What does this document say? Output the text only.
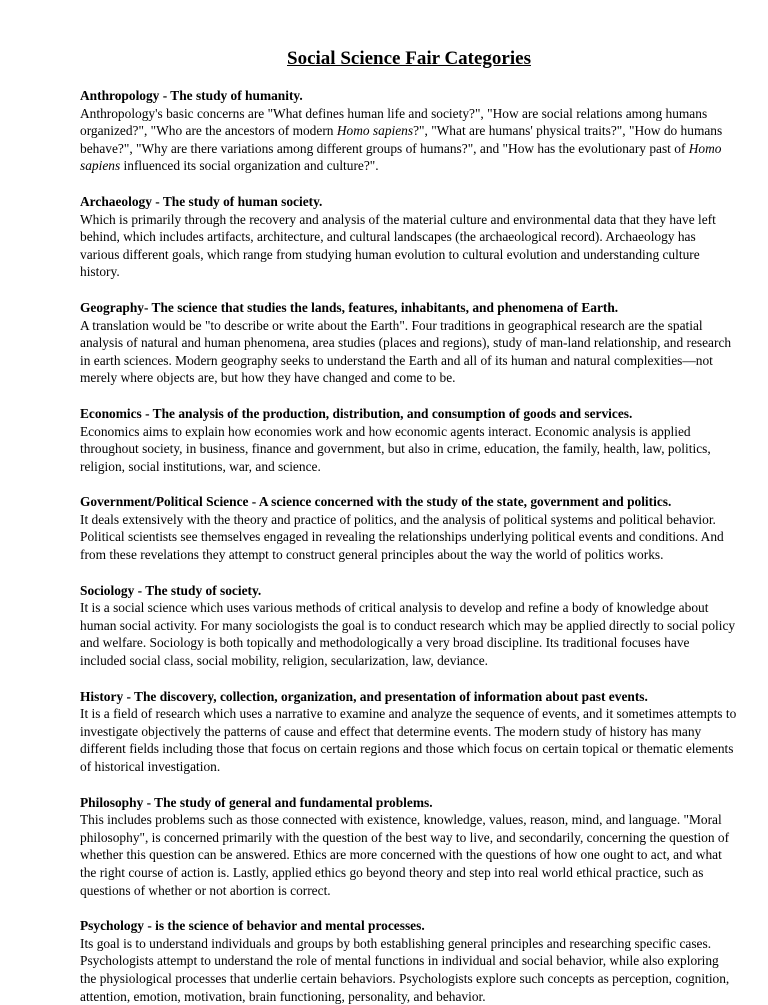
Social Science Fair Categories

Anthropology - The study of humanity.

Anthropology's basic concerns are "What defines human life and society?", "How are social relations among humans organized?", "Who are the ancestors of modern Homo sapiens?", "What are humans' physical traits?", "How do humans behave?", "Why are there variations among different groups of humans?", and "How has the evolutionary past of Homo sapiens influenced its social organization and culture?".

Archaeology - The study of human society.

Which is primarily through the recovery and analysis of the material culture and environmental data that they have left behind, which includes artifacts, architecture, and cultural landscapes (the archaeological record). Archaeology has various different goals, which range from studying human evolution to cultural evolution and understanding culture history.

Geography- The science that studies the lands, features, inhabitants, and phenomena of Earth.

A translation would be "to describe or write about the Earth". Four traditions in geographical research are the spatial analysis of natural and human phenomena, area studies (places and regions), study of man-land relationship, and research in earth sciences. Modern geography seeks to understand the Earth and all of its human and natural complexities—not merely where objects are, but how they have changed and come to be.

Economics - The analysis of the production, distribution, and consumption of goods and services.

Economics aims to explain how economies work and how economic agents interact. Economic analysis is applied throughout society, in business, finance and government, but also in crime, education, the family, health, law, politics, religion, social institutions, war, and science.

Government/Political Science - A science concerned with the study of the state, government and politics.

It deals extensively with the theory and practice of politics, and the analysis of political systems and political behavior. Political scientists see themselves engaged in revealing the relationships underlying political events and conditions. And from these revelations they attempt to construct general principles about the way the world of politics works.

Sociology - The study of society.

It is a social science which uses various methods of critical analysis to develop and refine a body of knowledge about human social activity. For many sociologists the goal is to conduct research which may be applied directly to social policy and welfare. Sociology is both topically and methodologically a very broad discipline. Its traditional focuses have included social class, social mobility, religion, secularization, law, deviance.

History - The discovery, collection, organization, and presentation of information about past events.

It is a field of research which uses a narrative to examine and analyze the sequence of events, and it sometimes attempts to investigate objectively the patterns of cause and effect that determine events. The modern study of history has many different fields including those that focus on certain regions and those which focus on certain topical or thematic elements of historical investigation.

Philosophy - The study of general and fundamental problems.

This includes problems such as those connected with existence, knowledge, values, reason, mind, and language. "Moral philosophy", is concerned primarily with the question of the best way to live, and secondarily, concerning the question of whether this question can be answered. Ethics are more concerned with the questions of how one ought to act, and what the right course of action is. Lastly, applied ethics go beyond theory and step into real world ethical practice, such as questions of whether or not abortion is correct.

Psychology - is the science of behavior and mental processes.

Its goal is to understand individuals and groups by both establishing general principles and researching specific cases. Psychologists attempt to understand the role of mental functions in individual and social behavior, while also exploring the physiological processes that underlie certain behaviors. Psychologists explore such concepts as perception, cognition, attention, emotion, motivation, brain functioning, personality, and behavior.
